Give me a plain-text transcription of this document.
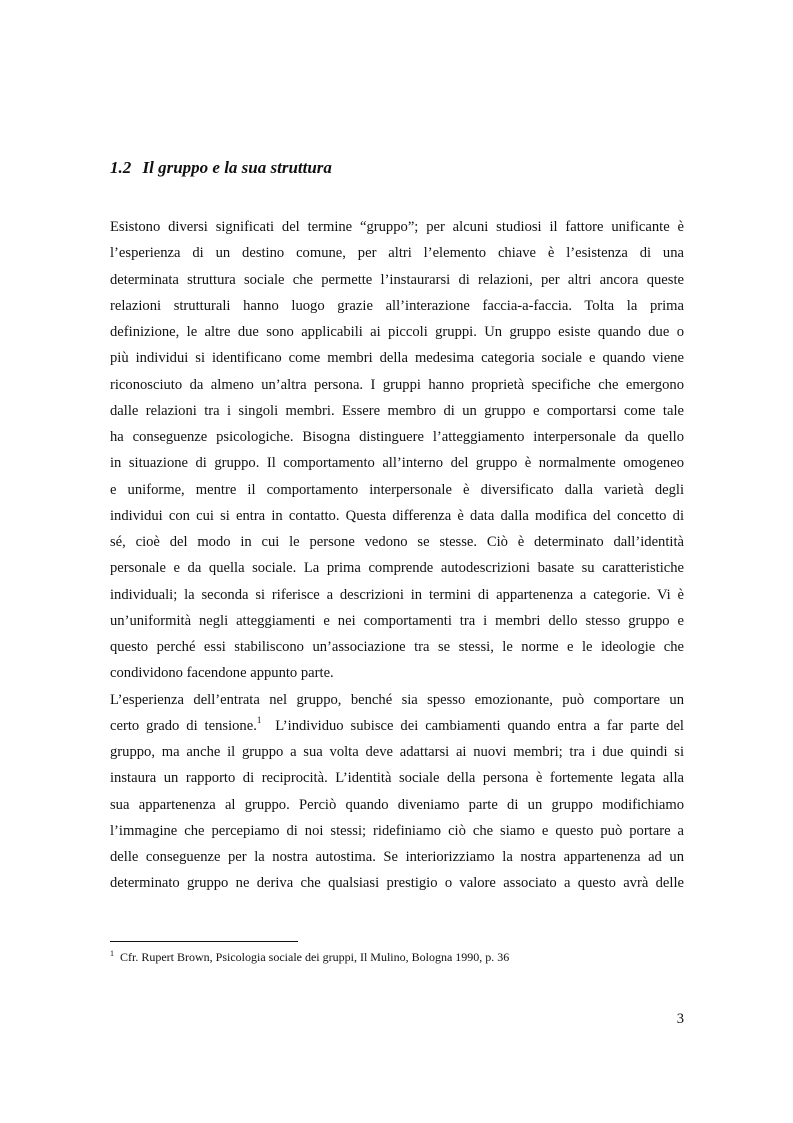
1.2 Il gruppo e la sua struttura
Esistono diversi significati del termine “gruppo”; per alcuni studiosi il fattore unificante è
l’esperienza di un destino comune, per altri l’elemento chiave è l’esistenza di una
determinata struttura sociale che permette l’instaurarsi di relazioni, per altri ancora queste
relazioni strutturali hanno luogo grazie all’interazione faccia-a-faccia. Tolta la prima
definizione, le altre due sono applicabili ai piccoli gruppi. Un gruppo esiste quando due o
più individui si identificano come membri della medesima categoria sociale e quando viene
riconosciuto da almeno un’altra persona. I gruppi hanno proprietà specifiche che emergono
dalle relazioni tra i singoli membri. Essere membro di un gruppo e comportarsi come tale
ha conseguenze psicologiche. Bisogna distinguere l’atteggiamento interpersonale da quello
in situazione di gruppo. Il comportamento all’interno del gruppo è normalmente omogeneo
e uniforme, mentre il comportamento interpersonale è diversificato dalla varietà degli
individui con cui si entra in contatto. Questa differenza è data dalla modifica del concetto di
sé, cioè del modo in cui le persone vedono se stesse. Ciò è determinato dall’identità
personale e da quella sociale. La prima comprende autodescrizioni basate su caratteristiche
individuali; la seconda si riferisce a descrizioni in termini di appartenenza a categorie. Vi è
un’uniformità negli atteggiamenti e nei comportamenti tra i membri dello stesso gruppo e
questo perché essi stabiliscono un’associazione tra se stessi, le norme e le ideologie che
condividono facendone appunto parte.
L’esperienza dell’entrata nel gruppo, benché sia spesso emozionante, può comportare un
certo grado di tensione.$^1$ L’individuo subisce dei cambiamenti quando entra a far parte del
gruppo, ma anche il gruppo a sua volta deve adattarsi ai nuovi membri; tra i due quindi si
instaura un rapporto di reciprocità. L’identità sociale della persona è fortemente legata alla
sua appartenenza al gruppo. Perciò quando diveniamo parte di un gruppo modifichiamo
l’immagine che percepiamo di noi stessi; ridefiniamo ciò che siamo e questo può portare a
delle conseguenze per la nostra autostima. Se interiorizziamo la nostra appartenenza ad un
determinato gruppo ne deriva che qualsiasi prestigio o valore associato a questo avrà delle
$^1$ Cfr. Rupert Brown, Psicologia sociale dei gruppi, Il Mulino, Bologna 1990, p. 36
3
